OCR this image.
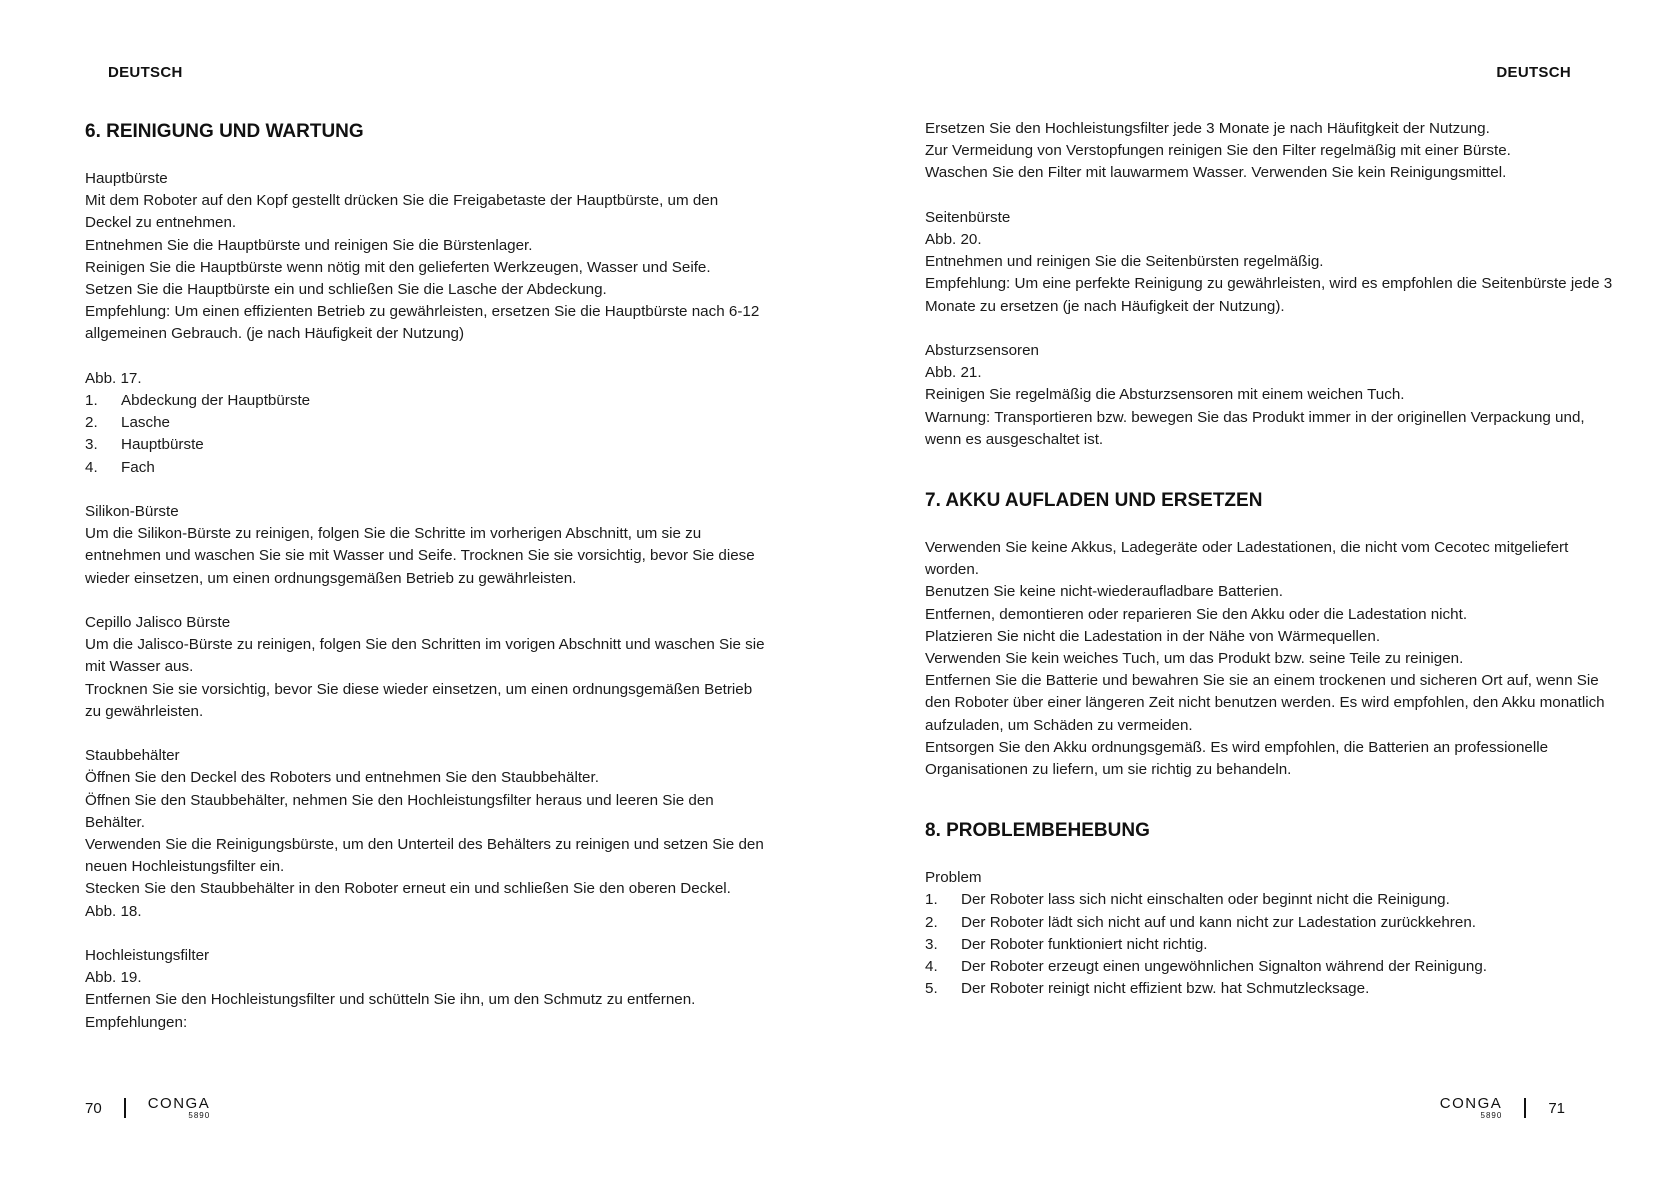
DEUTSCH
6. REINIGUNG UND WARTUNG

Hauptbürste

Mit dem Roboter auf den Kopf gestellt drücken Sie die Freigabetaste der Hauptbürste, um den Deckel zu entnehmen.

Entnehmen Sie die Hauptbürste und reinigen Sie die Bürstenlager.

Reinigen Sie die Hauptbürste wenn nötig mit den gelieferten Werkzeugen, Wasser und Seife.

Setzen Sie die Hauptbürste ein und schließen Sie die Lasche der Abdeckung.

Empfehlung: Um einen effizienten Betrieb zu gewährleisten, ersetzen Sie die Hauptbürste nach 6-12 allgemeinen Gebrauch. (je nach Häufigkeit der Nutzung)

Abb. 17.

1.	Abdeckung der Hauptbürste
2.	Lasche
3.	Hauptbürste
4.	Fach

Silikon-Bürste

Um die Silikon-Bürste zu reinigen, folgen Sie die Schritte im vorherigen Abschnitt, um sie zu entnehmen und waschen Sie sie mit Wasser und Seife. Trocknen Sie sie vorsichtig, bevor Sie diese wieder einsetzen, um einen ordnungsgemäßen Betrieb zu gewährleisten.

Cepillo Jalisco Bürste

Um die Jalisco-Bürste zu reinigen, folgen Sie den Schritten im vorigen Abschnitt und waschen Sie sie mit Wasser aus.

Trocknen Sie sie vorsichtig, bevor Sie diese wieder einsetzen, um einen ordnungsgemäßen Betrieb zu gewährleisten.

Staubbehälter

Öffnen Sie den Deckel des Roboters und entnehmen Sie den Staubbehälter.

Öffnen Sie den Staubbehälter, nehmen Sie den Hochleistungsfilter heraus und leeren Sie den Behälter.

Verwenden Sie die Reinigungsbürste, um den Unterteil des Behälters zu reinigen und setzen Sie den neuen Hochleistungsfilter ein.

Stecken Sie den Staubbehälter in den Roboter erneut ein und schließen Sie den oberen Deckel.

Abb. 18.

Hochleistungsfilter

Abb. 19.

Entfernen Sie den Hochleistungsfilter und schütteln Sie ihn, um den Schmutz zu entfernen.

Empfehlungen:

70	CONGA
5890
DEUTSCH

Ersetzen Sie den Hochleistungsfilter jede 3 Monate je nach Häufitgkeit der Nutzung.

Zur Vermeidung von Verstopfungen reinigen Sie den Filter regelmäßig mit einer Bürste.

Waschen Sie den Filter mit lauwarmem Wasser. Verwenden Sie kein Reinigungsmittel.

Seitenbürste

Abb. 20.

Entnehmen und reinigen Sie die Seitenbürsten regelmäßig.

Empfehlung: Um eine perfekte Reinigung zu gewährleisten, wird es empfohlen die Seitenbürste jede 3 Monate zu ersetzen (je nach Häufigkeit der Nutzung).

Absturzsensoren

Abb. 21.

Reinigen Sie regelmäßig die Absturzsensoren mit einem weichen Tuch.

Warnung: Transportieren bzw. bewegen Sie das Produkt immer in der originellen Verpackung und, wenn es ausgeschaltet ist.

7. AKKU AUFLADEN UND ERSETZEN

Verwenden Sie keine Akkus, Ladegeräte oder Ladestationen, die nicht vom Cecotec mitgeliefert worden.

Benutzen Sie keine nicht-wiederaufladbare Batterien.

Entfernen, demontieren oder reparieren Sie den Akku oder die Ladestation nicht.

Platzieren Sie nicht die Ladestation in der Nähe von Wärmequellen.

Verwenden Sie kein weiches Tuch, um das Produkt bzw. seine Teile zu reinigen.

Entfernen Sie die Batterie und bewahren Sie sie an einem trockenen und sicheren Ort auf, wenn Sie den Roboter über einer längeren Zeit nicht benutzen werden. Es wird empfohlen, den Akku monatlich aufzuladen, um Schäden zu vermeiden.

Entsorgen Sie den Akku ordnungsgemäß. Es wird empfohlen, die Batterien an professionelle Organisationen zu liefern, um sie richtig zu behandeln.

8. PROBLEMBEHEBUNG

Problem

1.	Der Roboter lass sich nicht einschalten oder beginnt nicht die Reinigung.
2.	Der Roboter lädt sich nicht auf und kann nicht zur Ladestation zurückkehren.
3.	Der Roboter funktioniert nicht richtig.
4.	Der Roboter erzeugt einen ungewöhnlichen Signalton während der Reinigung.
5.	Der Roboter reinigt nicht effizient bzw. hat Schmutzlecksage.
CONGA
5890	71
